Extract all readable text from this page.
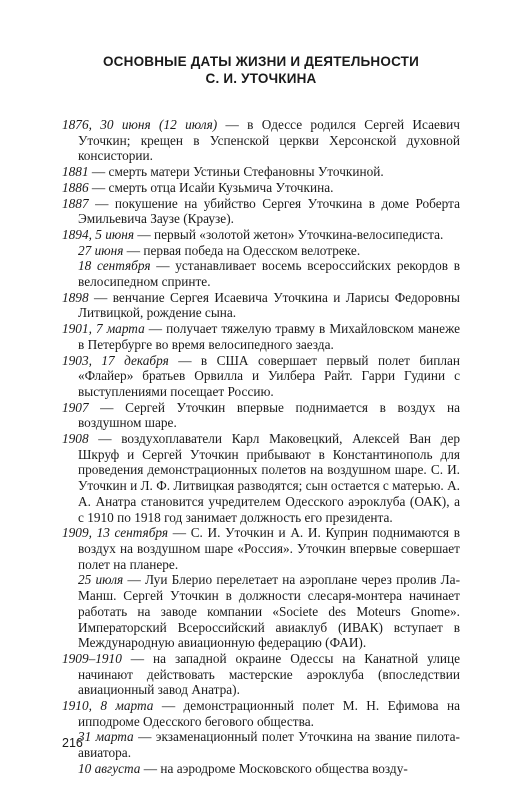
ОСНОВНЫЕ ДАТЫ ЖИЗНИ И ДЕЯТЕЛЬНОСТИ
С. И. УТОЧКИНА
1876, 30 июня (12 июля) — в Одессе родился Сергей Исаевич Уточкин; крещен в Успенской церкви Херсонской духовной консистории.
1881 — смерть матери Устиньи Стефановны Уточкиной.
1886 — смерть отца Исайи Кузьмича Уточкина.
1887 — покушение на убийство Сергея Уточкина в доме Роберта Эмильевича Заузе (Краузе).
1894, 5 июня — первый «золотой жетон» Уточкина-велосипедиста.
27 июня — первая победа на Одесском велотреке.
18 сентября — устанавливает восемь всероссийских рекордов в велосипедном спринте.
1898 — венчание Сергея Исаевича Уточкина и Ларисы Федоровны Литвицкой, рождение сына.
1901, 7 марта — получает тяжелую травму в Михайловском манеже в Петербурге во время велосипедного заезда.
1903, 17 декабря — в США совершает первый полет биплан «Флайер» братьев Орвилла и Уилбера Райт. Гарри Гудини с выступлениями посещает Россию.
1907 — Сергей Уточкин впервые поднимается в воздух на воздушном шаре.
1908 — воздухоплаватели Карл Маковецкий, Алексей Ван дер Шкруф и Сергей Уточкин прибывают в Константинополь для проведения демонстрационных полетов на воздушном шаре. С. И. Уточкин и Л. Ф. Литвицкая разводятся; сын остается с матерью. А. А. Анатра становится учредителем Одесского аэроклуба (ОАК), а с 1910 по 1918 год занимает должность его президента.
1909, 13 сентября — С. И. Уточкин и А. И. Куприн поднимаются в воздух на воздушном шаре «Россия». Уточкин впервые совершает полет на планере.
25 июля — Луи Блерио перелетает на аэроплане через пролив Ла-Манш. Сергей Уточкин в должности слесаря-монтера начинает работать на заводе компании «Societe des Moteurs Gnome». Императорский Всероссийский авиаклуб (ИВАК) вступает в Международную авиационную федерацию (ФАИ).
1909–1910 — на западной окраине Одессы на Канатной улице начинают действовать мастерские аэроклуба (впоследствии авиационный завод Анатра).
1910, 8 марта — демонстрационный полет М. Н. Ефимова на ипподроме Одесского бегового общества.
31 марта — экзаменационный полет Уточкина на звание пилота-авиатора.
10 августа — на аэродроме Московского общества возду-
216
